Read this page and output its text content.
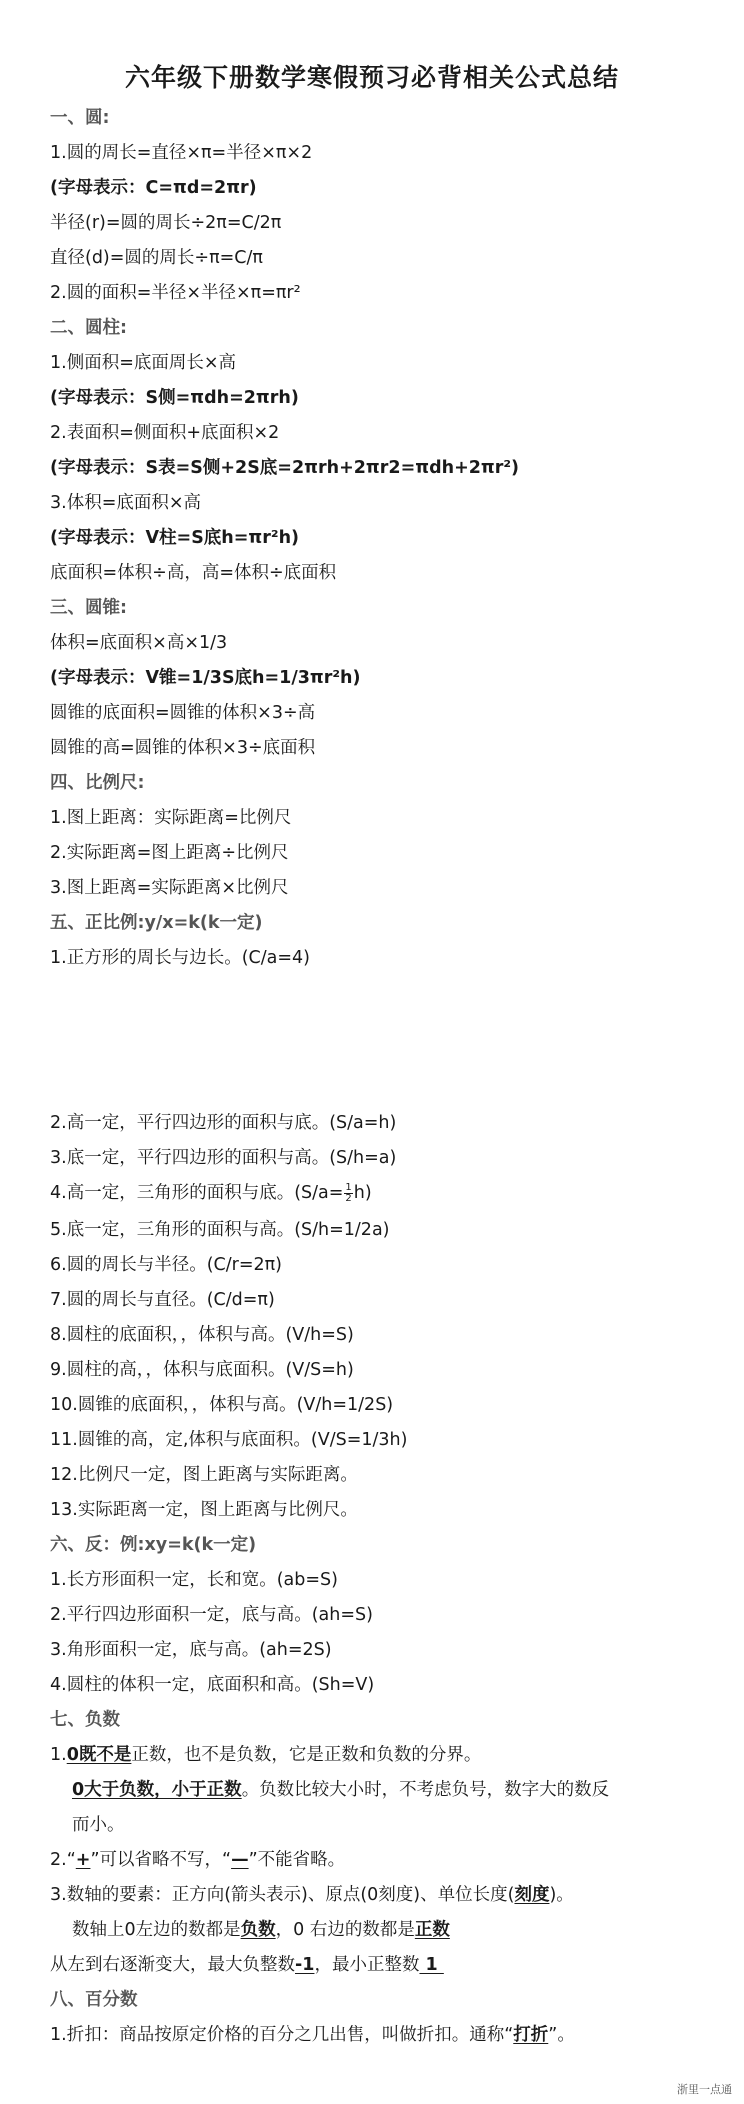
六年级下册数学寒假预习必背相关公式总结
一、圆:
1.圆的周长=直径×π=半径×π×2
(字母表示：C=πd=2πr)
半径(r)=圆的周长÷2π=C/2π
直径(d)=圆的周长÷π=C/π
2.圆的面积=半径×半径×π=πr²
二、圆柱:
1.侧面积=底面周长×高
(字母表示：S侧=πdh=2πrh)
2.表面积=侧面积+底面积×2
(字母表示：S表=S侧+2S底=2πrh+2πr2=πdh+2πr²)
3.体积=底面积×高
(字母表示：V柱=S底h=πr²h)
底面积=体积÷高，高=体积÷底面积
三、圆锥:
体积=底面积×高×1/3
(字母表示：V锥=1/3S底h=1/3πr²h)
圆锥的底面积=圆锥的体积×3÷高
圆锥的高=圆锥的体积×3÷底面积
四、比例尺:
1.图上距离：实际距离=比例尺
2.实际距离=图上距离÷比例尺
3.图上距离=实际距离×比例尺
五、正比例:y/x=k(k一定)
1.正方形的周长与边长。(C/a=4)
2.高一定，平行四边形的面积与底。(S/a=h)
3.底一定，平行四边形的面积与高。(S/h=a)
4.高一定，三角形的面积与底。$(S/a= \frac{1}{2} h)$
5.底一定，三角形的面积与高。(S/h=1/2a)
6.圆的周长与半径。(C/r=2π)
7.圆的周长与直径。(C/d=π)
8.圆柱的底面积，，体积与高。(V/h=S)
9.圆柱的高，，体积与底面积。(V/S=h)
10.圆锥的底面积，，体积与高。(V/h=1/2S)
11.圆锥的高，定,体积与底面积。(V/S=1/3h)
12.比例尺一定，图上距离与实际距离。
13.实际距离一定，图上距离与比例尺。
六、反：例:xy=k(k一定)
1.长方形面积一定，长和宽。(ab=S)
2.平行四边形面积一定，底与高。(ah=S)
3.角形面积一定，底与高。(ah=2S)
4.圆柱的体积一定，底面积和高。(Sh=V)
七、负数
1.0既不是正数，也不是负数，它是正数和负数的分界。
0大于负数，小于正数。负数比较大小时，不考虑负号，数字大的数反
而小。
2.“+”可以省略不写，“—”不能省略。
3.数轴的要素：正方向(箭头表示)、原点(0刻度)、单位长度(刻度)。
数轴上0左边的数都是负数，0 右边的数都是正数
从左到右逐渐变大，最大负整数-1，最小正整数 1
八、百分数
1.折扣：商品按原定价格的百分之几出售，叫做折扣。通称“打折”。
浙里一点通
